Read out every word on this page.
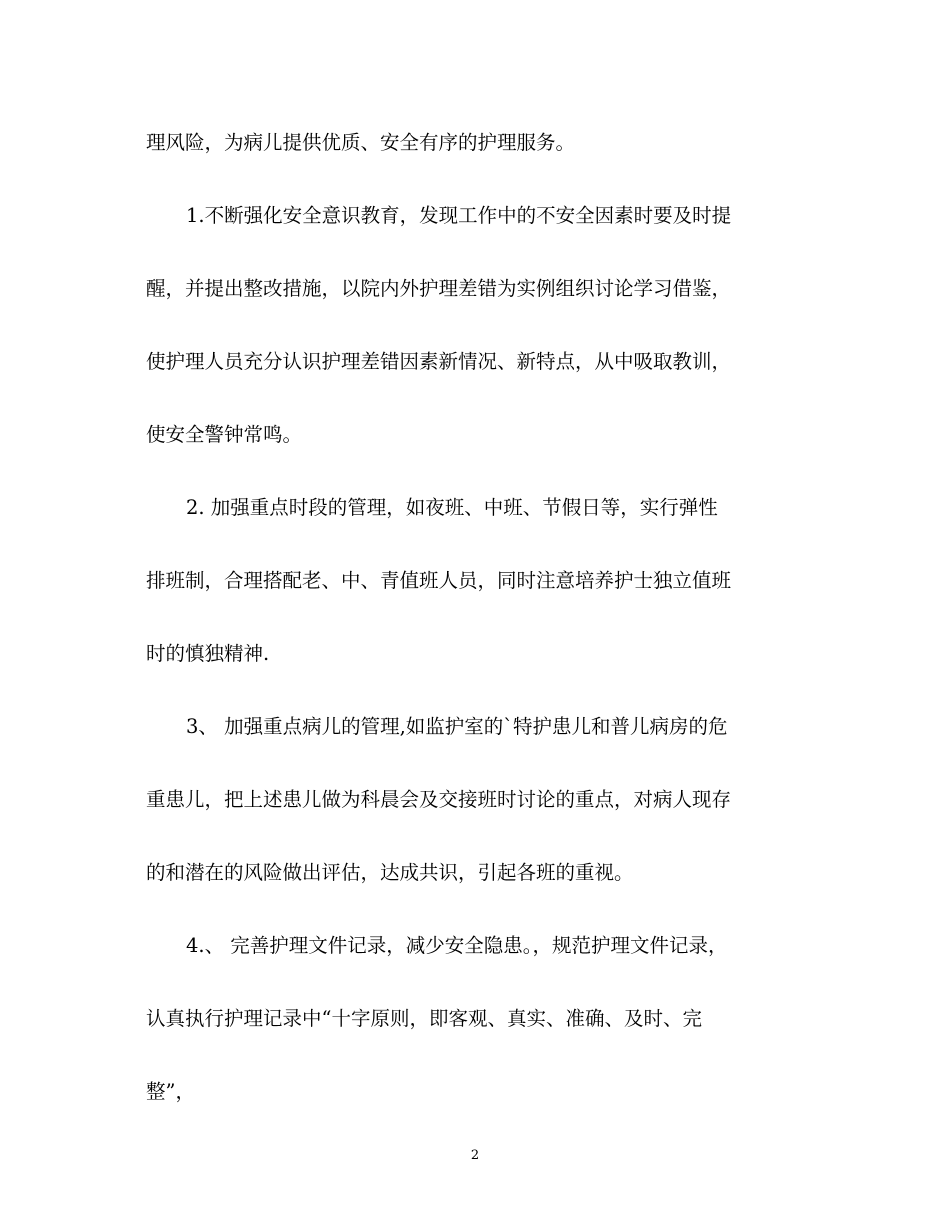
理风险，为病儿提供优质、安全有序的护理服务。
1.不断强化安全意识教育，发现工作中的不安全因素时要及时提
醒，并提出整改措施，以院内外护理差错为实例组织讨论学习借鉴，
使护理人员充分认识护理差错因素新情况、新特点，从中吸取教训，
使安全警钟常鸣。
2. 加强重点时段的管理，如夜班、中班、节假日等，实行弹性
排班制，合理搭配老、中、青值班人员，同时注意培养护士独立值班
时的慎独精神.
3、 加强重点病儿的管理,如监护室的`特护患儿和普儿病房的危
重患儿，把上述患儿做为科晨会及交接班时讨论的重点，对病人现存
的和潜在的风险做出评估，达成共识，引起各班的重视。
4.、 完善护理文件记录，减少安全隐患。，规范护理文件记录，
认真执行护理记录中“十字原则，即客观、真实、准确、及时、完
整”，
2
